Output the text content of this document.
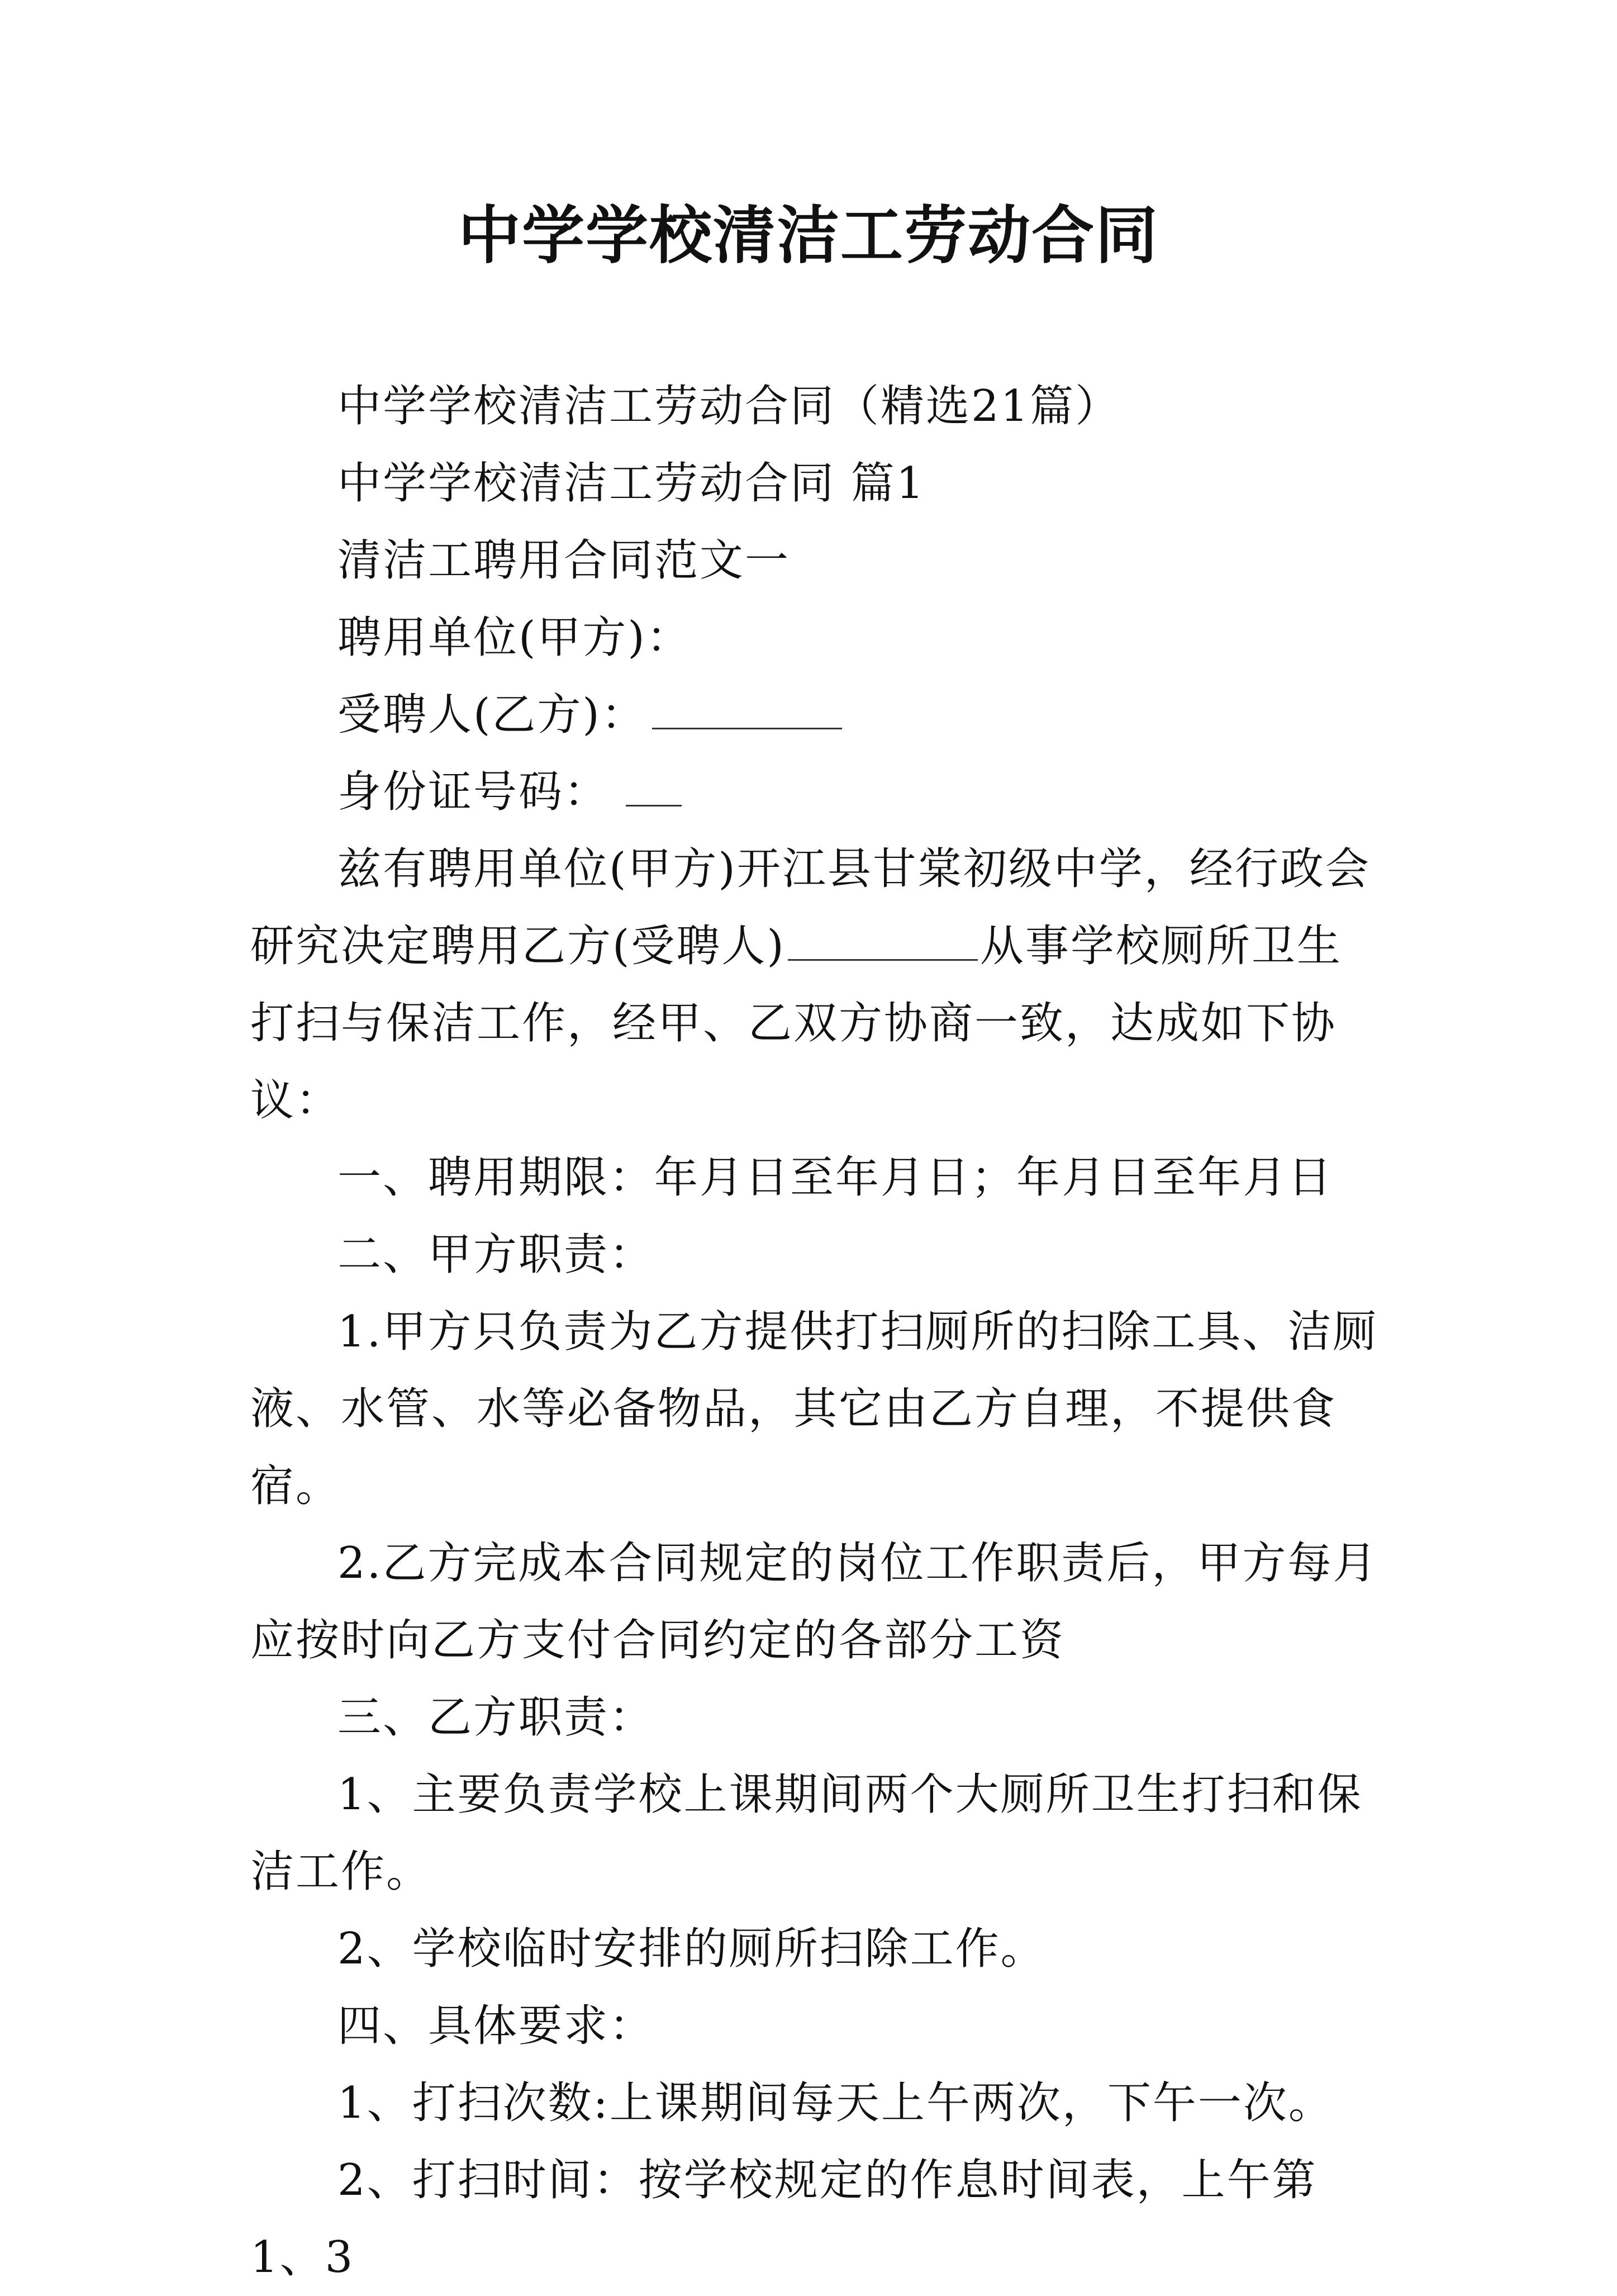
中学学校清洁工劳动合同

中学学校清洁工劳动合同（精选21篇）

中学学校清洁工劳动合同 篇1

清洁工聘用合同范文一

聘用单位(甲方)：

受聘人(乙方)：

身份证号码：

兹有聘用单位(甲方)开江县甘棠初级中学，经行政会研究决定聘用乙方(受聘人)	从事学校厕所卫生打扫与保洁工作，经甲、乙双方协商一致，达成如下协议：

一、聘用期限：年月日至年月日；年月日至年月日

二、甲方职责：

1.甲方只负责为乙方提供打扫厕所的扫除工具、洁厕液、水管、水等必备物品，其它由乙方自理，不提供食宿。

2.乙方完成本合同规定的岗位工作职责后，甲方每月应按时向乙方支付合同约定的各部分工资

三、乙方职责：

1、主要负责学校上课期间两个大厕所卫生打扫和保洁工作。

2、学校临时安排的厕所扫除工作。

四、具体要求：

1、打扫次数:上课期间每天上午两次，下午一次。

2、打扫时间：按学校规定的作息时间表，上午第1、3
